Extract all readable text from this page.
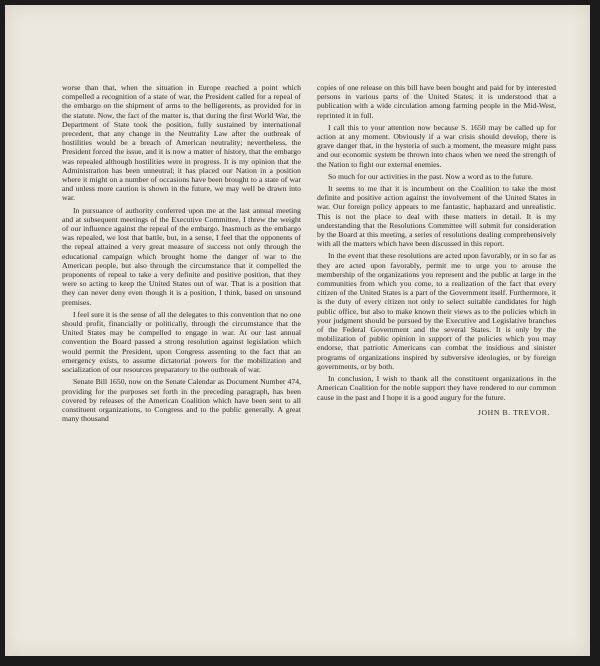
worse than that, when the situation in Europe reached a point which compelled a recognition of a state of war, the President called for a repeal of the embargo on the shipment of arms to the belligerents, as provided for in the statute. Now, the fact of the matter is, that during the first World War, the Department of State took the position, fully sustained by international precedent, that any change in the Neutrality Law after the outbreak of hostilities would be a breach of American neutrality; nevertheless, the President forced the issue, and it is now a matter of history, that the embargo was repealed although hostilities were in progress. It is my opinion that the Administration has been unneutral; it has placed our Nation in a position where it might on a number of occasions have been brought to a state of war and unless more caution is shown in the future, we may well be drawn into war.

In pursuance of authority conferred upon me at the last annual meeting and at subsequent meetings of the Executive Committee, I threw the weight of our influence against the repeal of the embargo. Inasmuch as the embargo was repealed, we lost that battle, but, in a sense, I feel that the opponents of the repeal attained a very great measure of success not only through the educational campaign which brought home the danger of war to the American people, but also through the circumstance that it compelled the proponents of repeal to take a very definite and positive position, that they were so acting to keep the United States out of war. That is a position that they can never deny even though it is a position, I think, based on unsound premises.

I feel sure it is the sense of all the delegates to this convention that no one should profit, financially or politically, through the circumstance that the United States may be compelled to engage in war. At our last annual convention the Board passed a strong resolution against legislation which would permit the President, upon Congress assenting to the fact that an emergency exists, to assume dictatorial powers for the mobilization and socialization of our resources preparatory to the outbreak of war.

Senate Bill 1650, now on the Senate Calendar as Document Number 474, providing for the purposes set forth in the preceding paragraph, has been covered by releases of the American Coalition which have been sent to all constituent organizations, to Congress and to the public generally. A great many thousand

copies of one release on this bill have been bought and paid for by interested persons in various parts of the United States; it is understood that a publication with a wide circulation among farming people in the Mid-West, reprinted it in full.

I call this to your attention now because S. 1650 may be called up for action at any moment. Obviously if a war crisis should develop, there is grave danger that, in the hysteria of such a moment, the measure might pass and our economic system be thrown into chaos when we need the strength of the Nation to fight our external enemies.

So much for our activities in the past. Now a word as to the future.

It seems to me that it is incumbent on the Coalition to take the most definite and positive action against the involvement of the United States in war. Our foreign policy appears to me fantastic, haphazard and unrealistic. This is not the place to deal with these matters in detail. It is my understanding that the Resolutions Committee will submit for consideration by the Board at this meeting, a series of resolutions dealing comprehensively with all the matters which have been discussed in this report.

In the event that these resolutions are acted upon favorably, or in so far as they are acted upon favorably, permit me to urge you to arouse the membership of the organizations you represent and the public at large in the communities from which you come, to a realization of the fact that every citizen of the United States is a part of the Government itself. Furthermore, it is the duty of every citizen not only to select suitable candidates for high public office, but also to make known their views as to the policies which in your judgment should be pursued by the Executive and Legislative branches of the Federal Government and the several States. It is only by the mobilization of public opinion in support of the policies which you may endorse, that patriotic Americans can combat the insidious and sinister programs of organizations inspired by subversive ideologies, or by foreign governments, or by both.

In conclusion, I wish to thank all the constituent organizations in the American Coalition for the noble support they have rendered to our common cause in the past and I hope it is a good augury for the future.

JOHN B. TREVOR.
